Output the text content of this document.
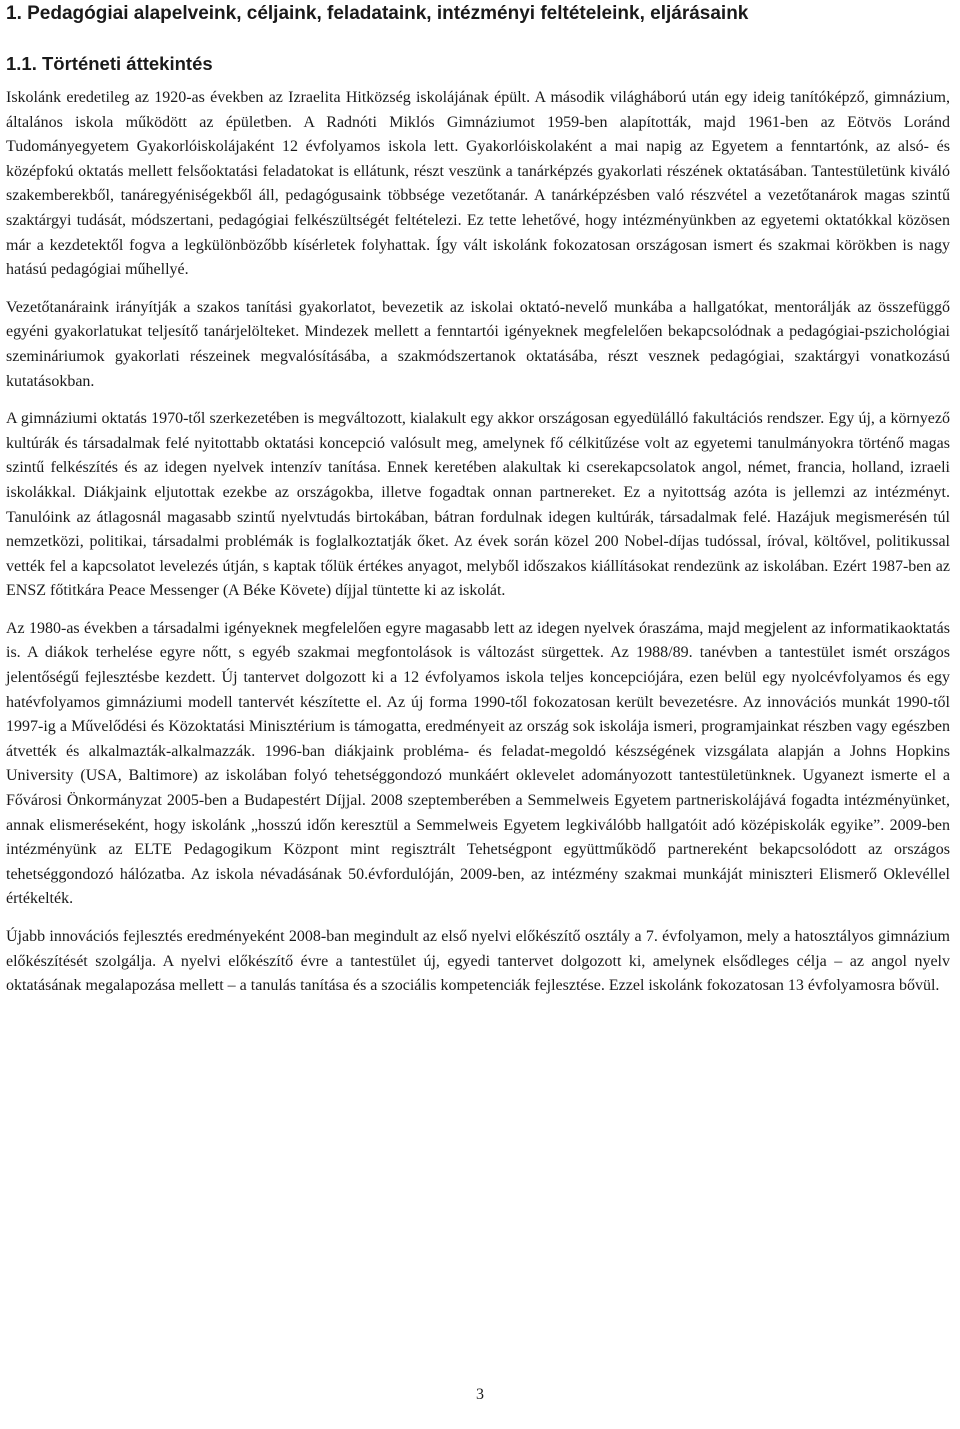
1. Pedagógiai alapelveink, céljaink, feladataink, intézményi feltételeink, eljárásaink
1.1. Történeti áttekintés

Iskolánk eredetileg az 1920-as években az Izraelita Hitközség iskolájának épült. A második világháború után egy ideig tanítóképző, gimnázium, általános iskola működött az épületben. A Radnóti Miklós Gimnáziumot 1959-ben alapították, majd 1961-ben az Eötvös Loránd Tudományegyetem Gyakorlóiskolájaként 12 évfolyamos iskola lett. Gyakorlóiskolaként a mai napig az Egyetem a fenntartónk, az alsó- és középfokú oktatás mellett felsőoktatási feladatokat is ellátunk, részt veszünk a tanárképzés gyakorlati részének oktatásában. Tantestületünk kiváló szakemberekből, tanáregyéniségekből áll, pedagógusaink többsége vezetőtanár. A tanárképzésben való részvétel a vezetőtanárok magas szintű szaktárgyi tudását, módszertani, pedagógiai felkészültségét feltételezi. Ez tette lehetővé, hogy intézményünkben az egyetemi oktatókkal közösen már a kezdetektől fogva a legkülönbözőbb kísérletek folyhattak. Így vált iskolánk fokozatosan országosan ismert és szakmai körökben is nagy hatású pedagógiai műhellyé.

Vezetőtanáraink irányítják a szakos tanítási gyakorlatot, bevezetik az iskolai oktató-nevelő munkába a hallgatókat, mentorálják az összefüggő egyéni gyakorlatukat teljesítő tanárjelölteket. Mindezek mellett a fenntartói igényeknek megfelelően bekapcsolódnak a pedagógiai-pszichológiai szemináriumok gyakorlati részeinek megvalósításába, a szakmódszertanok oktatásába, részt vesznek pedagógiai, szaktárgyi vonatkozású kutatásokban.

A gimnáziumi oktatás 1970-től szerkezetében is megváltozott, kialakult egy akkor országosan egyedülálló fakultációs rendszer. Egy új, a környező kultúrák és társadalmak felé nyitottabb oktatási koncepció valósult meg, amelynek fő célkitűzése volt az egyetemi tanulmányokra történő magas szintű felkészítés és az idegen nyelvek intenzív tanítása. Ennek keretében alakultak ki cserekapcsolatok angol, német, francia, holland, izraeli iskolákkal. Diákjaink eljutottak ezekbe az országokba, illetve fogadtak onnan partnereket. Ez a nyitottság azóta is jellemzi az intézményt. Tanulóink az átlagosnál magasabb szintű nyelvtudás birtokában, bátran fordulnak idegen kultúrák, társadalmak felé. Hazájuk megismerésén túl nemzetközi, politikai, társadalmi problémák is foglalkoztatják őket. Az évek során közel 200 Nobel-díjas tudóssal, íróval, költővel, politikussal vették fel a kapcsolatot levelezés útján, s kaptak tőlük értékes anyagot, melyből időszakos kiállításokat rendezünk az iskolában. Ezért 1987-ben az ENSZ főtitkára Peace Messenger (A Béke Követe) díjjal tüntette ki az iskolát.

Az 1980-as években a társadalmi igényeknek megfelelően egyre magasabb lett az idegen nyelvek óraszáma, majd megjelent az informatikaoktatás is. A diákok terhelése egyre nőtt, s egyéb szakmai megfontolások is változást sürgettek. Az 1988/89. tanévben a tantestület ismét országos jelentőségű fejlesztésbe kezdett. Új tantervet dolgozott ki a 12 évfolyamos iskola teljes koncepciójára, ezen belül egy nyolcévfolyamos és egy hatévfolyamos gimnáziumi modell tantervét készítette el. Az új forma 1990-től fokozatosan került bevezetésre. Az innovációs munkát 1990-től 1997-ig a Művelődési és Közoktatási Minisztérium is támogatta, eredményeit az ország sok iskolája ismeri, programjainkat részben vagy egészben átvették és alkalmazták-alkalmazzák. 1996-ban diákjaink probléma- és feladat-megoldó készségének vizsgálata alapján a Johns Hopkins University (USA, Baltimore) az iskolában folyó tehetséggondozó munkáért oklevelet adományozott tantestületünknek. Ugyanezt ismerte el a Fővárosi Önkormányzat 2005-ben a Budapestért Díjjal. 2008 szeptemberében a Semmelweis Egyetem partneriskolájává fogadta intézményünket, annak elismeréseként, hogy iskolánk „hosszú időn keresztül a Semmelweis Egyetem legkiválóbb hallgatóit adó középiskolák egyike”. 2009-ben intézményünk az ELTE Pedagogikum Központ mint regisztrált Tehetségpont együttműködő partnereként bekapcsolódott az országos tehetséggondozó hálózatba. Az iskola névadásának 50.évfordulóján, 2009-ben, az intézmény szakmai munkáját miniszteri Elismerő Oklevéllel értékelték.

Újabb innovációs fejlesztés eredményeként 2008-ban megindult az első nyelvi előkészítő osztály a 7. évfolyamon, mely a hatosztályos gimnázium előkészítését szolgálja. A nyelvi előkészítő évre a tantestület új, egyedi tantervet dolgozott ki, amelynek elsődleges célja – az angol nyelv oktatásának megalapozása mellett – a tanulás tanítása és a szociális kompetenciák fejlesztése. Ezzel iskolánk fokozatosan 13 évfolyamosra bővül.

3
